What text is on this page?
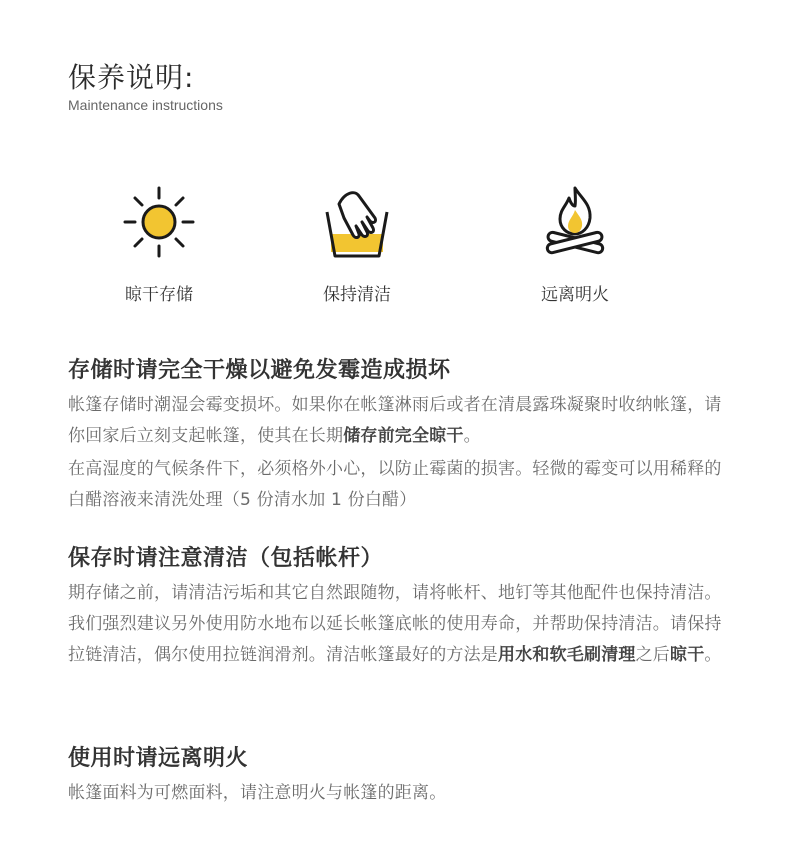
保养说明:
Maintenance instructions
晾干存储	保持清洁	远离明火
存储时请完全干燥以避免发霉造成损坏
帐篷存储时潮湿会霉变损坏。如果你在帐篷淋雨后或者在清晨露珠凝聚时收纳帐篷，请你回家后立刻支起帐篷，使其在长期储存前完全晾干。
在高湿度的气候条件下，必须格外小心，以防止霉菌的损害。轻微的霉变可以用稀释的白醋溶液来清洗处理（5 份清水加 1 份白醋）
保存时请注意清洁（包括帐杆）
期存储之前，请清洁污垢和其它自然跟随物，请将帐杆、地钉等其他配件也保持清洁。我们强烈建议另外使用防水地布以延长帐篷底帐的使用寿命，并帮助保持清洁。请保持拉链清洁，偶尔使用拉链润滑剂。清洁帐篷最好的方法是用水和软毛刷清理之后晾干。
使用时请远离明火
帐篷面料为可燃面料，请注意明火与帐篷的距离。
